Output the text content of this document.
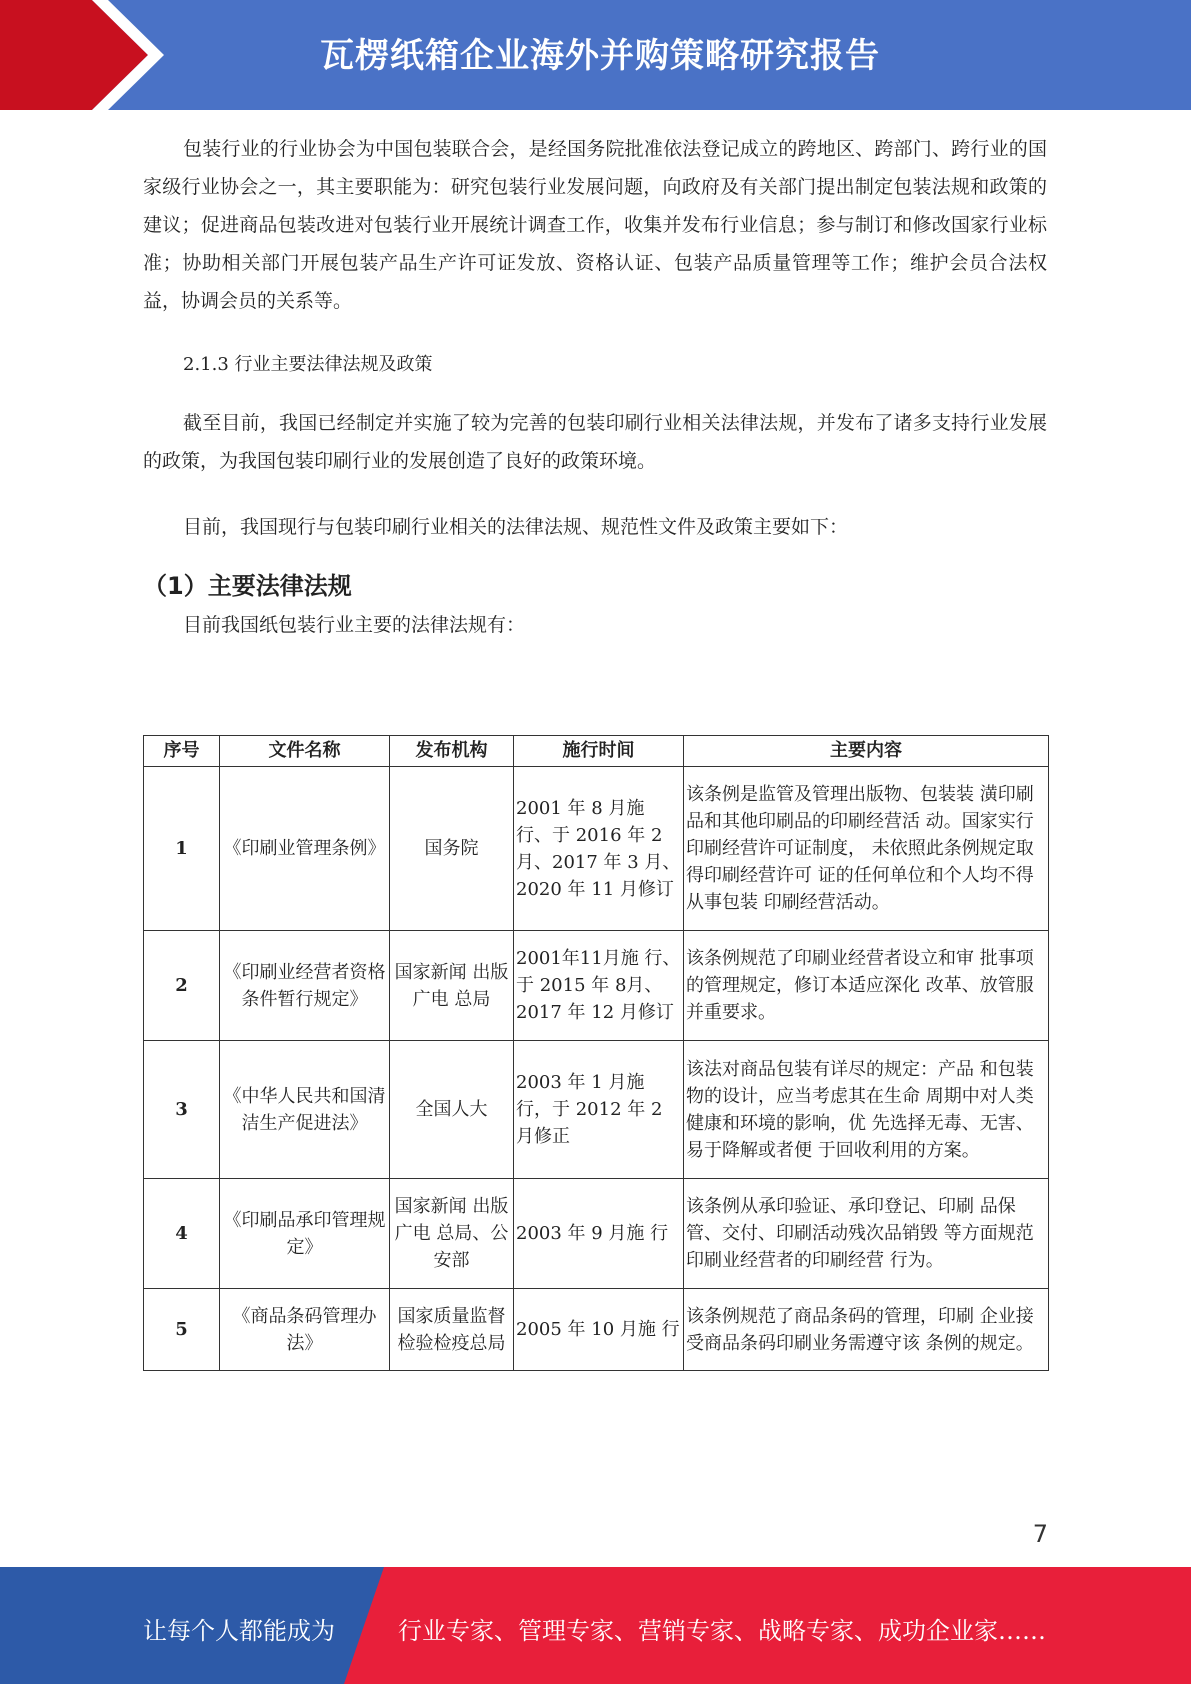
瓦楞纸箱企业海外并购策略研究报告

包装行业的行业协会为中国包装联合会，是经国务院批准依法登记成立的跨地区、跨部门、跨行业的国家级行业协会之一，其主要职能为：研究包装行业发展问题，向政府及有关部门提出制定包装法规和政策的建议；促进商品包装改进对包装行业开展统计调查工作，收集并发布行业信息；参与制订和修改国家行业标准；协助相关部门开展包装产品生产许可证发放、资格认证、包装产品质量管理等工作；维护会员合法权益，协调会员的关系等。

2.1.3 行业主要法律法规及政策

截至目前，我国已经制定并实施了较为完善的包装印刷行业相关法律法规，并发布了诸多支持行业发展的政策，为我国包装印刷行业的发展创造了良好的政策环境。

目前，我国现行与包装印刷行业相关的法律法规、规范性文件及政策主要如下：

（1）主要法律法规

目前我国纸包装行业主要的法律法规有：

序号	文件名称	发布机构	施行时间	主要内容
1	《印刷业管理条例》	国务院	2001 年 8 月施 行、于 2016 年 2 月、2017 年 3 月、2020 年 11 月修订	该条例是监管及管理出版物、包装装 潢印刷品和其他印刷品的印刷经营活 动。国家实行印刷经营许可证制度， 未依照此条例规定取得印刷经营许可 证的任何单位和个人均不得从事包装 印刷经营活动。
2	《印刷业经营者资格条件暂行规定》	国家新闻 出版广电 总局	2001年11月施 行、于 2015 年 8月、2017 年 12 月修订	该条例规范了印刷业经营者设立和审 批事项的管理规定，修订本适应深化 改革、放管服并重要求。
3	《中华人民共和国清洁生产促进法》	全国人大	2003 年 1 月施 行，于 2012 年 2 月修正	该法对商品包装有详尽的规定：产品 和包装物的设计，应当考虑其在生命 周期中对人类健康和环境的影响，优 先选择无毒、无害、易于降解或者便 于回收利用的方案。
4	《印刷品承印管理规定》	国家新闻 出版广电 总局、公 安部	2003 年 9 月施 行	该条例从承印验证、承印登记、印刷 品保管、交付、印刷活动残次品销毁 等方面规范印刷业经营者的印刷经营 行为。
5	《商品条码管理办法》	国家质量监督检验检疫总局	2005 年 10 月施 行	该条例规范了商品条码的管理，印刷 企业接受商品条码印刷业务需遵守该 条例的规定。
7
让每个人都能成为	行业专家、管理专家、营销专家、战略专家、成功企业家……
